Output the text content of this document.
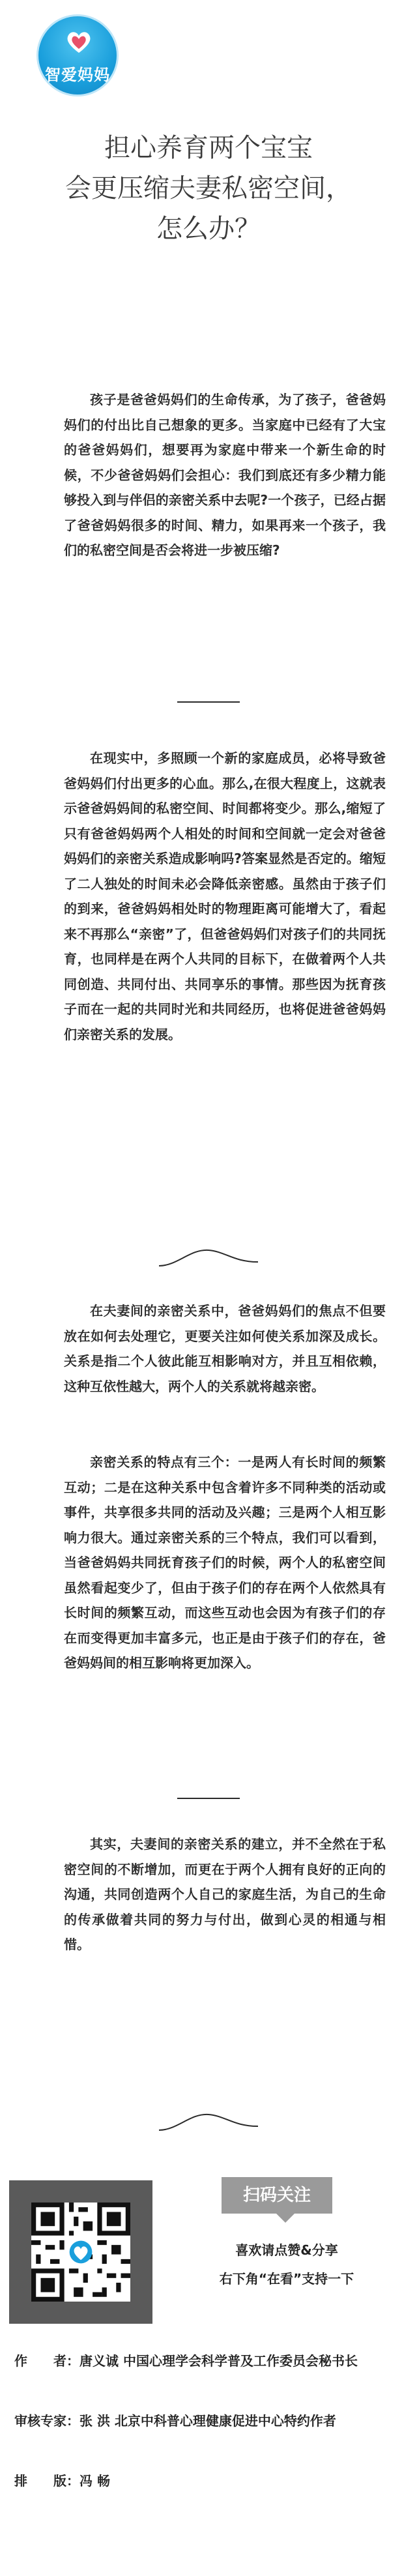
智爱妈妈
担心养育两个宝宝
会更压缩夫妻私密空间，
怎么办？

孩子是爸爸妈妈们的生命传承，为了孩子，爸爸妈妈们的付出比自己想象的更多。当家庭中已经有了大宝的爸爸妈妈们，想要再为家庭中带来一个新生命的时候，不少爸爸妈妈们会担心：我们到底还有多少精力能够投入到与伴侣的亲密关系中去呢?一个孩子，已经占据了爸爸妈妈很多的时间、精力，如果再来一个孩子，我们的私密空间是否会将进一步被压缩?

在现实中，多照顾一个新的家庭成员，必将导致爸爸妈妈们付出更多的心血。那么,在很大程度上，这就表示爸爸妈妈间的私密空间、时间都将变少。那么,缩短了只有爸爸妈妈两个人相处的时间和空间就一定会对爸爸妈妈们的亲密关系造成影响吗?答案显然是否定的。缩短了二人独处的时间未必会降低亲密感。虽然由于孩子们的到来，爸爸妈妈相处时的物理距离可能增大了，看起来不再那么“亲密”了，但爸爸妈妈们对孩子们的共同抚育，也同样是在两个人共同的目标下，在做着两个人共同创造、共同付出、共同享乐的事情。那些因为抚育孩子而在一起的共同时光和共同经历，也将促进爸爸妈妈们亲密关系的发展。

在夫妻间的亲密关系中，爸爸妈妈们的焦点不但要放在如何去处理它，更要关注如何使关系加深及成长。关系是指二个人彼此能互相影响对方，并且互相依赖，这种互依性越大，两个人的关系就将越亲密。

亲密关系的特点有三个：一是两人有长时间的频繁互动；二是在这种关系中包含着许多不同种类的活动或事件，共享很多共同的活动及兴趣；三是两个人相互影响力很大。通过亲密关系的三个特点，我们可以看到，当爸爸妈妈共同抚育孩子们的时候，两个人的私密空间虽然看起变少了，但由于孩子们的存在两个人依然具有长时间的频繁互动，而这些互动也会因为有孩子们的存在而变得更加丰富多元，也正是由于孩子们的存在，爸爸妈妈间的相互影响将更加深入。

其实，夫妻间的亲密关系的建立，并不全然在于私密空间的不断增加，而更在于两个人拥有良好的正向的沟通，共同创造两个人自己的家庭生活，为自己的生命的传承做着共同的努力与付出，做到心灵的相通与相惜。

扫码关注
喜欢请点赞&分享
右下角“在看”支持一下
作　　者：唐义诚 中国心理学会科学普及工作委员会秘书长
审核专家：张 洪 北京中科普心理健康促进中心特约作者
排　　版：冯 畅
